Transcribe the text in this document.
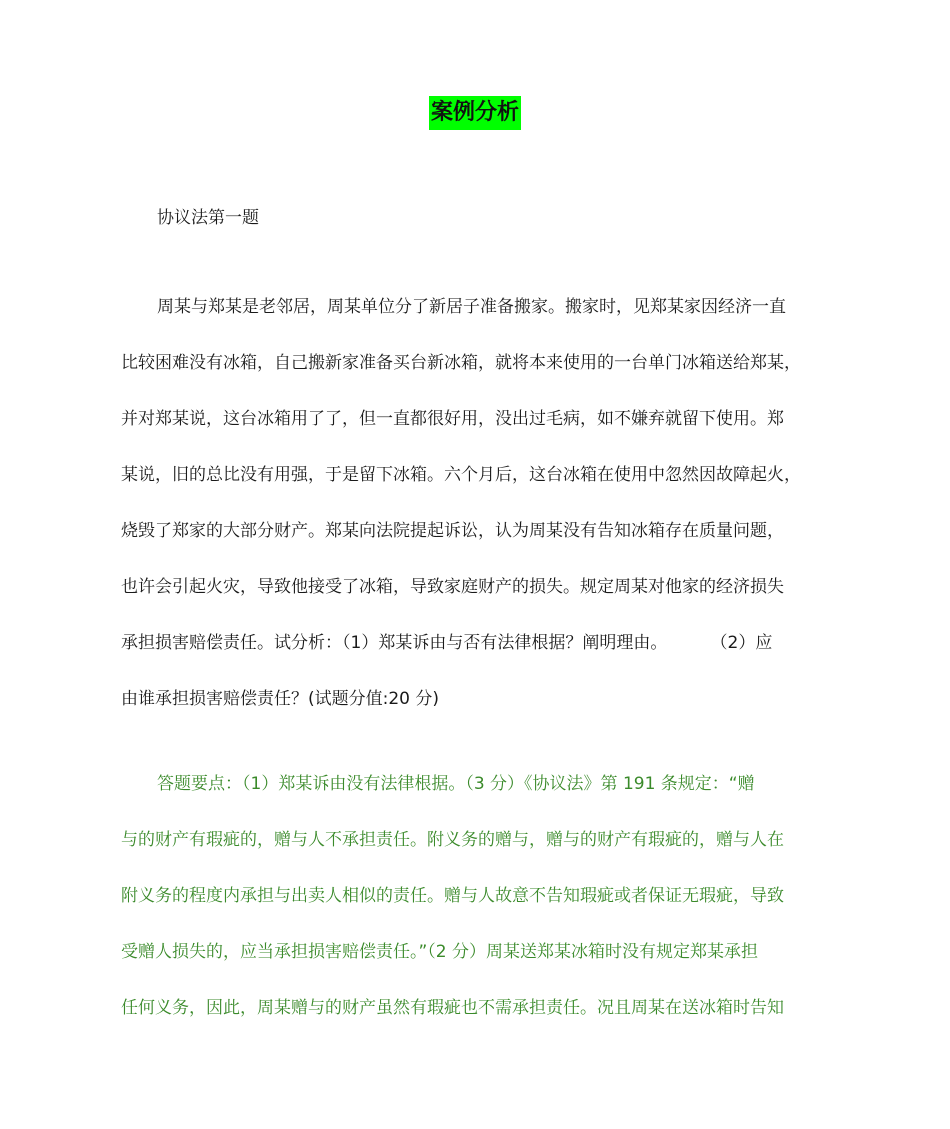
案例分析
协议法第一题
周某与郑某是老邻居，周某单位分了新居子准备搬家。搬家时，见郑某家因经济一直
比较困难没有冰箱，自己搬新家准备买台新冰箱，就将本来使用的一台单门冰箱送给郑某，
并对郑某说，这台冰箱用了了，但一直都很好用，没出过毛病，如不嫌弃就留下使用。郑
某说，旧的总比没有用强，于是留下冰箱。六个月后，这台冰箱在使用中忽然因故障起火，
烧毁了郑家的大部分财产。郑某向法院提起诉讼，认为周某没有告知冰箱存在质量问题，
也许会引起火灾，导致他接受了冰箱，导致家庭财产的损失。规定周某对他家的经济损失
承担损害赔偿责任。试分析：（1）郑某诉由与否有法律根据？阐明理由。        （2）应
由谁承担损害赔偿责任？(试题分值:20 分)
答题要点：（1）郑某诉由没有法律根据。（3 分）《协议法》第 191 条规定：“赠
与的财产有瑕疵的，赠与人不承担责任。附义务的赠与，赠与的财产有瑕疵的，赠与人在
附义务的程度内承担与出卖人相似的责任。赠与人故意不告知瑕疵或者保证无瑕疵，导致
受赠人损失的，应当承担损害赔偿责任。”（2 分）周某送郑某冰箱时没有规定郑某承担
任何义务，因此，周某赠与的财产虽然有瑕疵也不需承担责任。况且周某在送冰箱时告知
